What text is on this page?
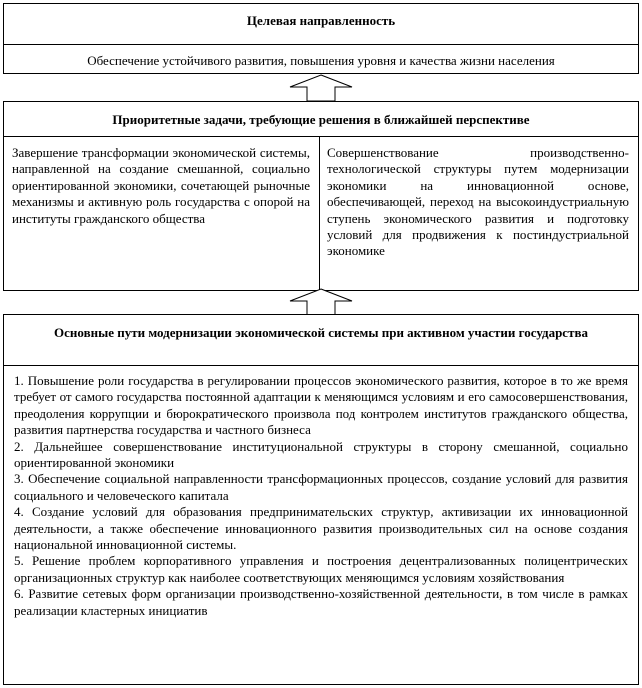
Целевая направленность
Обеспечение устойчивого развития, повышения уровня и качества жизни населения
Приоритетные задачи, требующие решения в ближайшей перспективе
Завершение трансформации экономической системы, направленной на создание смешанной, социально ориентированной экономики, сочетающей рыночные механизмы и активную роль государства с опорой на институты гражданского общества
Совершенствование производственно-технологической структуры путем модернизации экономики на инновационной основе, обеспечивающей, переход на высокоиндустриальную ступень экономического развития и подготовку условий для продвижения к постиндустриальной экономике
Основные пути модернизации экономической системы при активном участии государства

1. Повышение роли государства в регулировании процессов экономического развития, которое в то же время требует от самого государства постоянной адаптации к меняющимся условиям и его самосовершенствования, преодоления коррупции и бюрократического произвола под контролем институтов гражданского общества, развития партнерства государства и частного бизнеса

2. Дальнейшее совершенствование институциональной структуры в сторону смешанной, социально ориентированной экономики

3. Обеспечение социальной направленности трансформационных процессов, создание условий для развития социального и человеческого капитала

4. Создание условий для образования предпринимательских структур, активизации их инновационной деятельности, а также обеспечение инновационного развития производительных сил на основе создания национальной инновационной системы.

5. Решение проблем корпоративного управления и построения децентрализованных полицентрических организационных структур как наиболее соответствующих меняющимся условиям хозяйствования

6. Развитие сетевых форм организации производственно-хозяйственной деятельности, в том числе в рамках реализации кластерных инициатив
